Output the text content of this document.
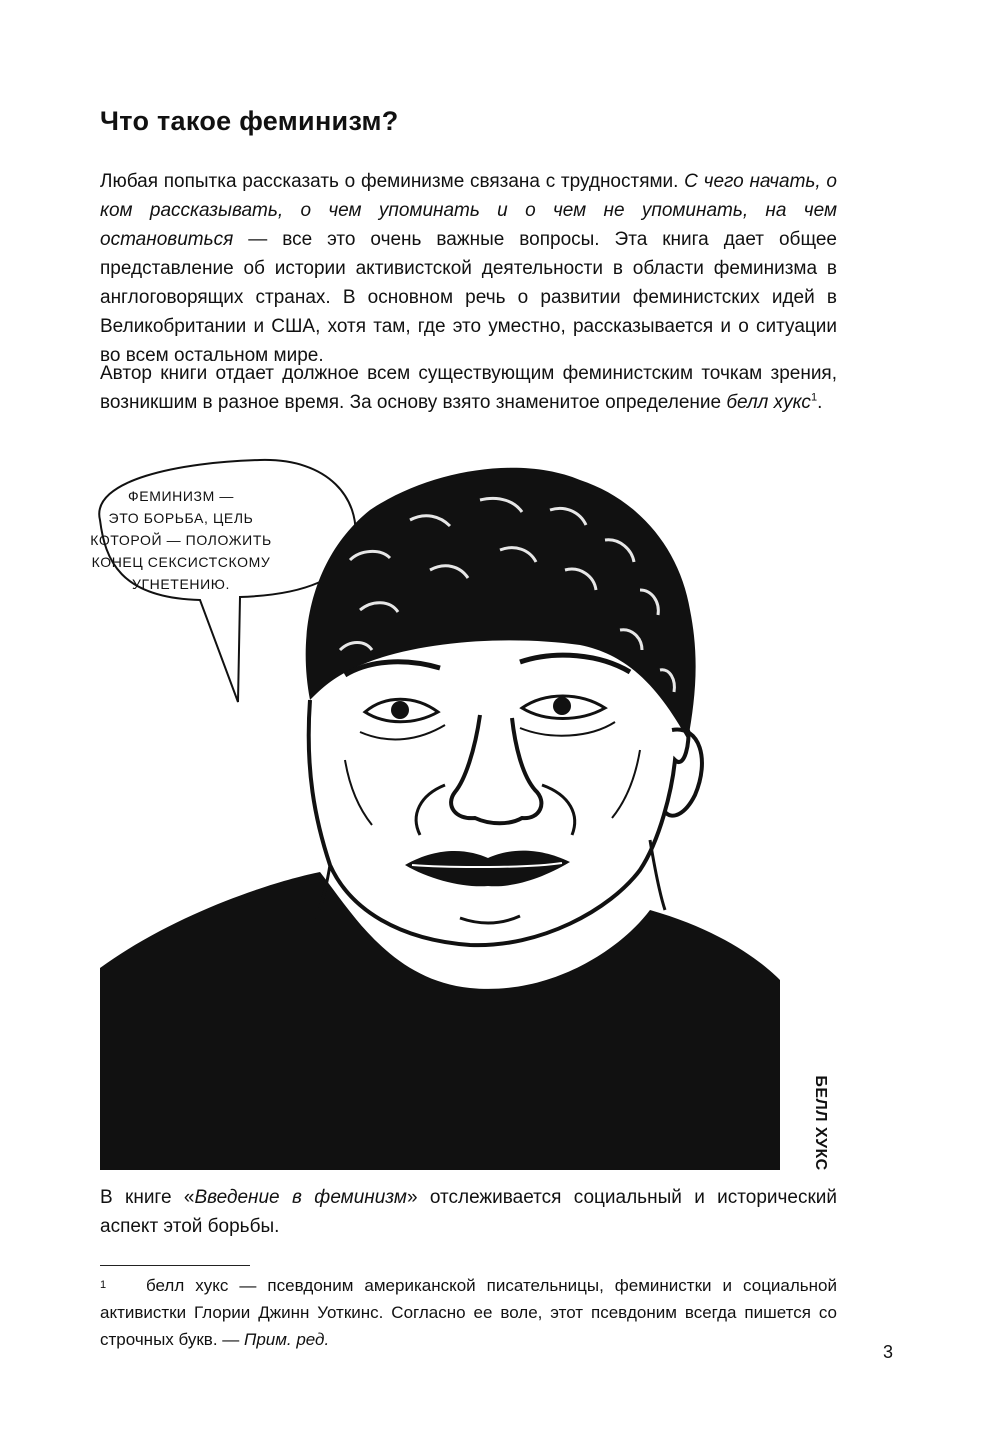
Что такое феминизм?

Любая попытка рассказать о феминизме связана с трудностями. С чего начать, о ком рассказывать, о чем упоминать и о чем не упоминать, на чем остановиться — все это очень важные вопросы. Эта книга дает общее представление об истории активистской деятельности в области феминизма в англоговорящих странах. В основном речь о развитии феминистских идей в Великобритании и США, хотя там, где это уместно, рассказывается и о ситуации во всем остальном мире.

Автор книги отдает должное всем существующим феминистским точкам зрения, возникшим в разное время. За основу взято знаменитое определение белл хукс$^1$.

ФЕМИНИЗМ —
ЭТО БОРЬБА, ЦЕЛЬ
КОТОРОЙ — ПОЛОЖИТЬ
КОНЕЦ СЕКСИСТСКОМУ
УГНЕТЕНИЮ.
БЕЛЛ ХУКС

В книге «Введение в феминизм» отслеживается социальный и исторический аспект этой борьбы.

1	белл хукс — псевдоним американской писательницы, феминистки и социальной активистки Глории Джинн Уоткинс. Согласно ее воле, этот псевдоним всегда пишется со строчных букв. — Прим. ред.
3
